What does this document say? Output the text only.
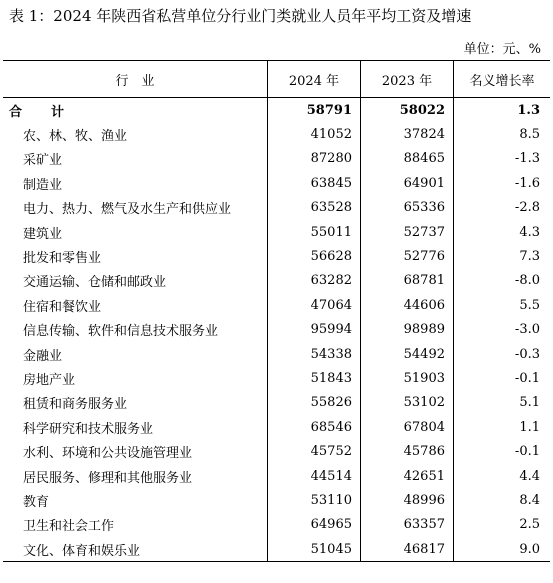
表 1：2024 年陕西省私营单位分行业门类就业人员年平均工资及增速
单位：元、%
行　业	2024 年	2023 年	名义增长率
合　计	58791	58022	1.3
农、林、牧、渔业	41052	37824	8.5
采矿业	87280	88465	-1.3
制造业	63845	64901	-1.6
电力、热力、燃气及水生产和供应业	63528	65336	-2.8
建筑业	55011	52737	4.3
批发和零售业	56628	52776	7.3
交通运输、仓储和邮政业	63282	68781	-8.0
住宿和餐饮业	47064	44606	5.5
信息传输、软件和信息技术服务业	95994	98989	-3.0
金融业	54338	54492	-0.3
房地产业	51843	51903	-0.1
租赁和商务服务业	55826	53102	5.1
科学研究和技术服务业	68546	67804	1.1
水利、环境和公共设施管理业	45752	45786	-0.1
居民服务、修理和其他服务业	44514	42651	4.4
教育	53110	48996	8.4
卫生和社会工作	64965	63357	2.5
文化、体育和娱乐业	51045	46817	9.0
